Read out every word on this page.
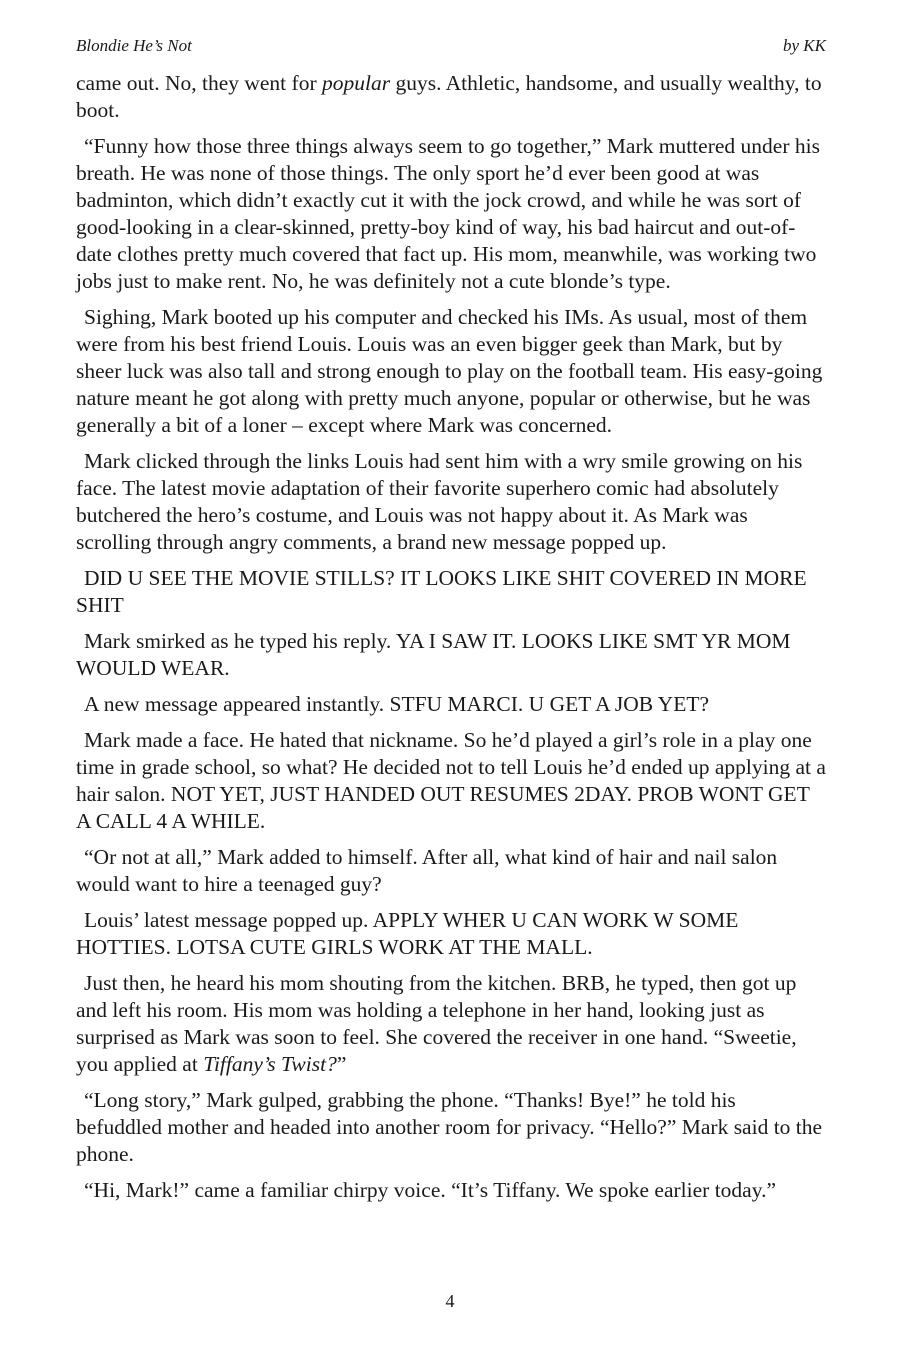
Blondie He’s Not	by KK

came out. No, they went for popular guys. Athletic, handsome, and usually wealthy, to boot.

“Funny how those three things always seem to go together,” Mark muttered under his breath. He was none of those things. The only sport he’d ever been good at was badminton, which didn’t exactly cut it with the jock crowd, and while he was sort of good-looking in a clear-skinned, pretty-boy kind of way, his bad haircut and out-of-date clothes pretty much covered that fact up. His mom, meanwhile, was working two jobs just to make rent. No, he was definitely not a cute blonde’s type.

Sighing, Mark booted up his computer and checked his IMs. As usual, most of them were from his best friend Louis. Louis was an even bigger geek than Mark, but by sheer luck was also tall and strong enough to play on the football team. His easy-going nature meant he got along with pretty much anyone, popular or otherwise, but he was generally a bit of a loner – except where Mark was concerned.

Mark clicked through the links Louis had sent him with a wry smile growing on his face. The latest movie adaptation of their favorite superhero comic had absolutely butchered the hero’s costume, and Louis was not happy about it. As Mark was scrolling through angry comments, a brand new message popped up.

DID U SEE THE MOVIE STILLS? IT LOOKS LIKE SHIT COVERED IN MORE SHIT

Mark smirked as he typed his reply. YA I SAW IT. LOOKS LIKE SMT YR MOM WOULD WEAR.

A new message appeared instantly. STFU MARCI. U GET A JOB YET?

Mark made a face. He hated that nickname. So he’d played a girl’s role in a play one time in grade school, so what? He decided not to tell Louis he’d ended up applying at a hair salon. NOT YET, JUST HANDED OUT RESUMES 2DAY. PROB WONT GET A CALL 4 A WHILE.

“Or not at all,” Mark added to himself. After all, what kind of hair and nail salon would want to hire a teenaged guy?

Louis’ latest message popped up. APPLY WHER U CAN WORK W SOME HOTTIES. LOTSA CUTE GIRLS WORK AT THE MALL.

Just then, he heard his mom shouting from the kitchen. BRB, he typed, then got up and left his room. His mom was holding a telephone in her hand, looking just as surprised as Mark was soon to feel. She covered the receiver in one hand. “Sweetie, you applied at Tiffany’s Twist?”

“Long story,” Mark gulped, grabbing the phone. “Thanks! Bye!” he told his befuddled mother and headed into another room for privacy. “Hello?” Mark said to the phone.

“Hi, Mark!” came a familiar chirpy voice. “It’s Tiffany. We spoke earlier today.”

4
